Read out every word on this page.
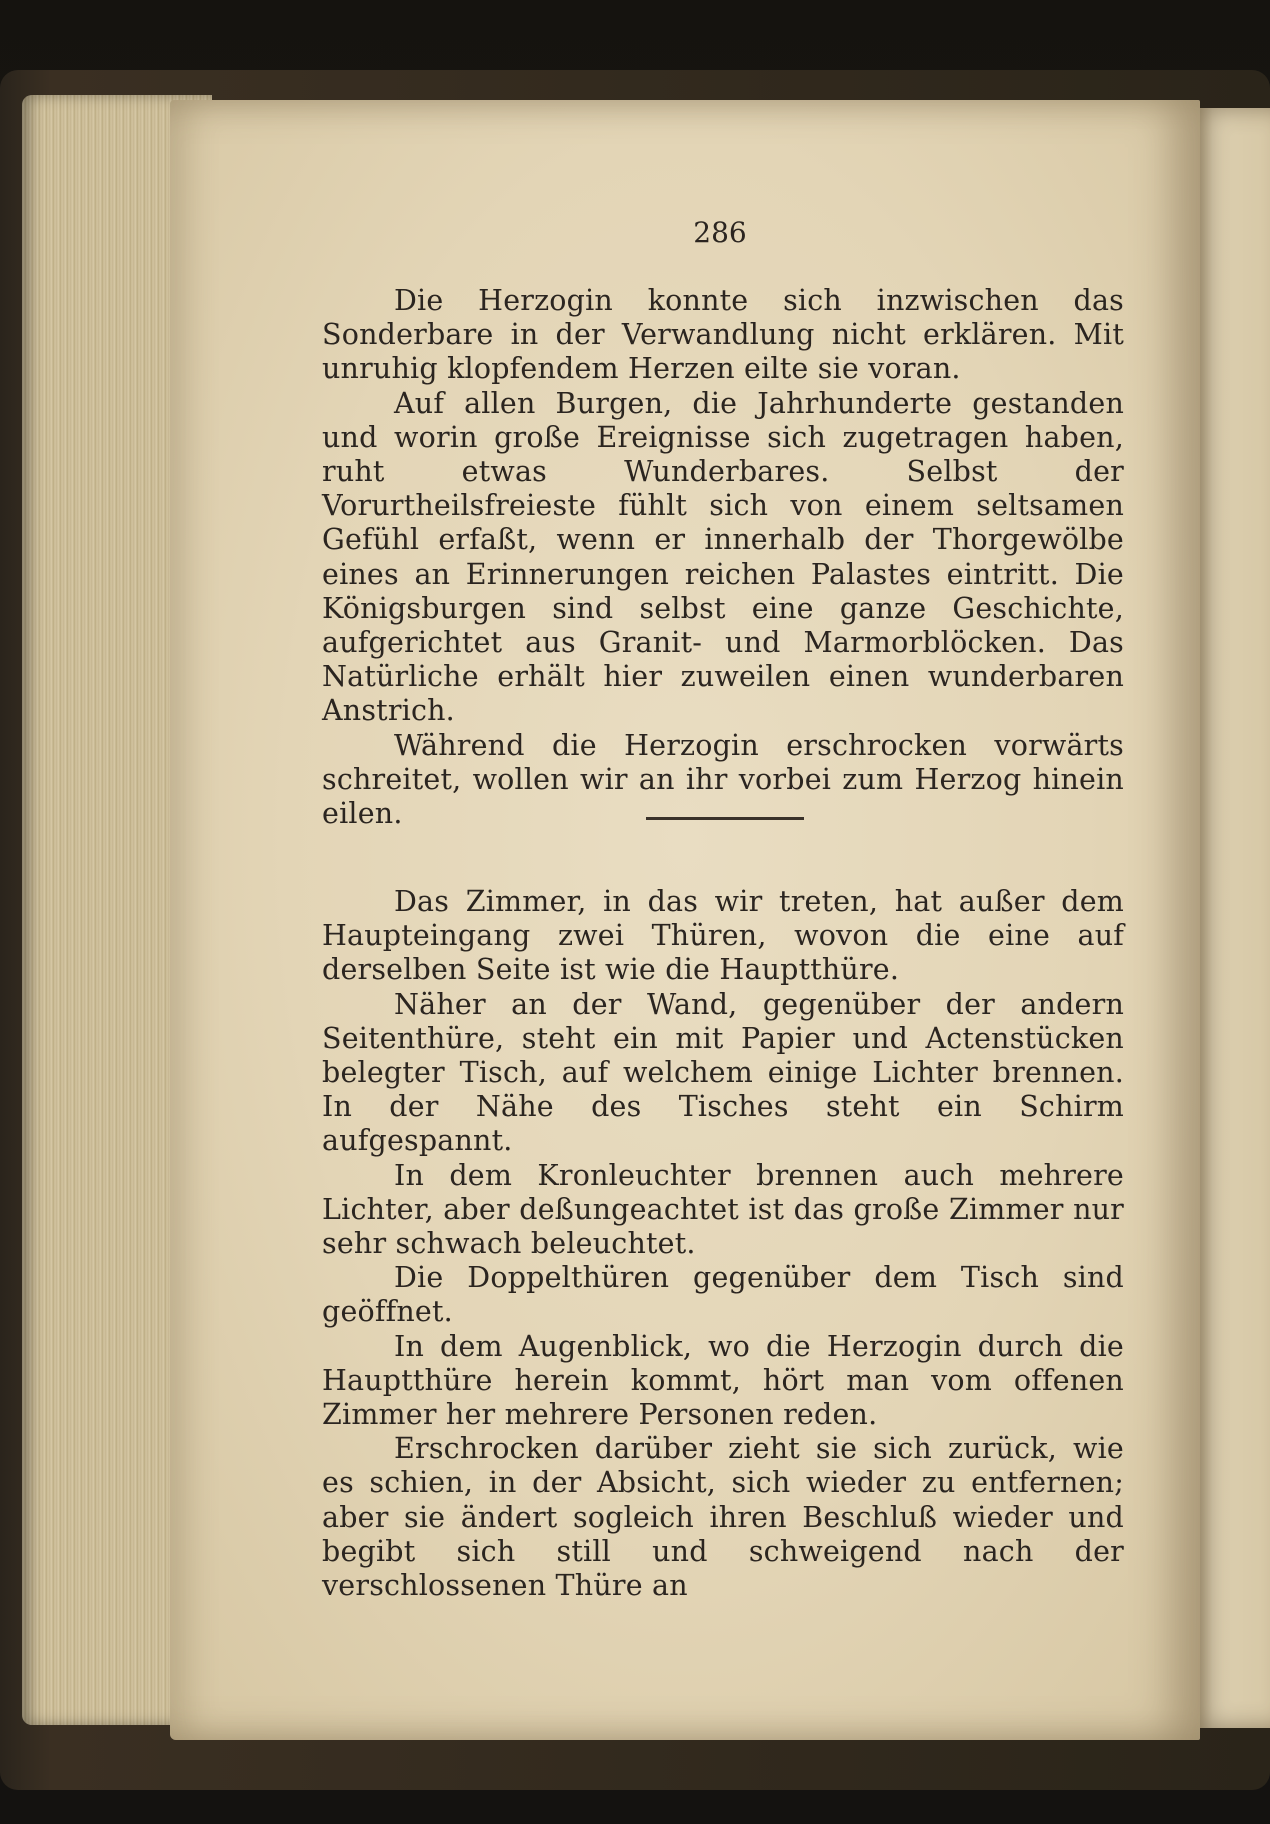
286

Die Herzogin konnte sich inzwischen das Sonderbare in der Verwandlung nicht erklären. Mit unruhig klopfendem Herzen eilte sie voran.

Auf allen Burgen, die Jahrhunderte gestanden und worin große Ereignisse sich zugetragen haben, ruht etwas Wunderbares. Selbst der Vorurtheilsfreieste fühlt sich von einem seltsamen Gefühl erfaßt, wenn er innerhalb der Thorgewölbe eines an Erinnerungen reichen Palastes eintritt. Die Königsburgen sind selbst eine ganze Geschichte, aufgerichtet aus Granit- und Marmorblöcken. Das Natürliche erhält hier zuweilen einen wunderbaren Anstrich.

Während die Herzogin erschrocken vorwärts schreitet, wollen wir an ihr vorbei zum Herzog hinein eilen.

Das Zimmer, in das wir treten, hat außer dem Haupteingang zwei Thüren, wovon die eine auf derselben Seite ist wie die Hauptthüre.

Näher an der Wand, gegenüber der andern Seitenthüre, steht ein mit Papier und Actenstücken belegter Tisch, auf welchem einige Lichter brennen. In der Nähe des Tisches steht ein Schirm aufgespannt.

In dem Kronleuchter brennen auch mehrere Lichter, aber deßungeachtet ist das große Zimmer nur sehr schwach beleuchtet.

Die Doppelthüren gegenüber dem Tisch sind geöffnet.

In dem Augenblick, wo die Herzogin durch die Hauptthüre herein kommt, hört man vom offenen Zimmer her mehrere Personen reden.

Erschrocken darüber zieht sie sich zurück, wie es schien, in der Absicht, sich wieder zu entfernen; aber sie ändert sogleich ihren Beschluß wieder und begibt sich still und schweigend nach der verschlossenen Thüre an
